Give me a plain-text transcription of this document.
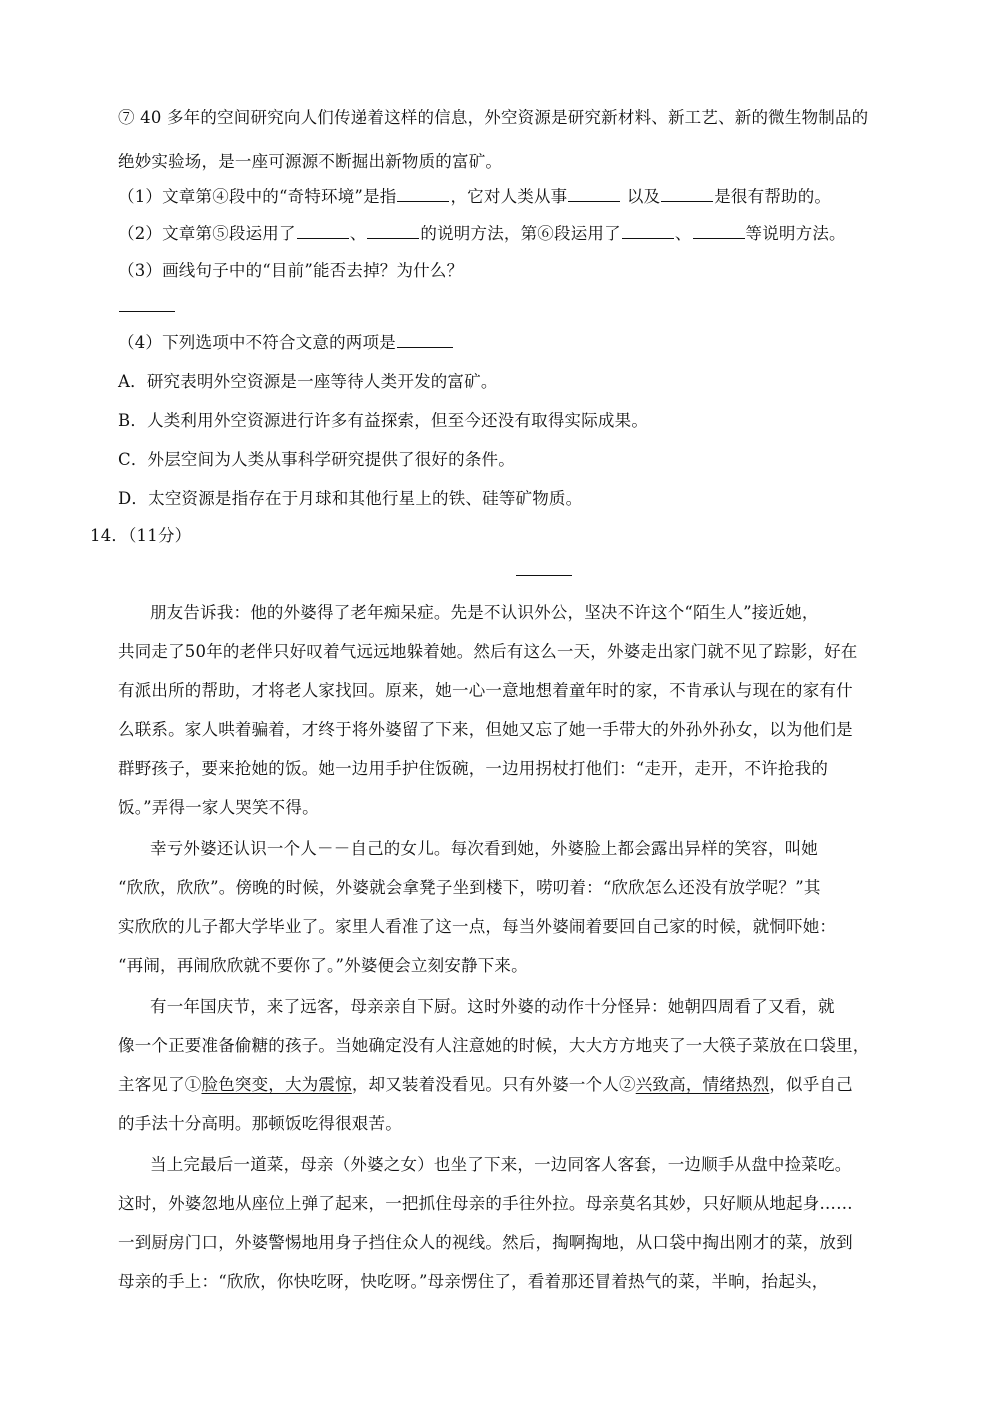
⑦ 40 多年的空间研究向人们传递着这样的信息，外空资源是研究新材料、新工艺、新的微生物制品的
绝妙实验场，是一座可源源不断掘出新物质的富矿。
（1）文章第④段中的“奇特环境”是指	，它对人类从事	以及	是很有帮助的。
（2）文章第⑤段运用了	、	的说明方法，第⑥段运用了	、	等说明方法。
（3）画线句子中的“目前”能否去掉？为什么？
（4）下列选项中不符合文意的两项是
A．研究表明外空资源是一座等待人类开发的富矿。
B．人类利用外空资源进行许多有益探索，但至今还没有取得实际成果。
C．外层空间为人类从事科学研究提供了很好的条件。
D．太空资源是指存在于月球和其他行星上的铁、硅等矿物质。
14．（11分）
朋友告诉我：他的外婆得了老年痴呆症。先是不认识外公，坚决不许这个“陌生人”接近她，
共同走了50年的老伴只好叹着气远远地躲着她。然后有这么一天，外婆走出家门就不见了踪影，好在
有派出所的帮助，才将老人家找回。原来，她一心一意地想着童年时的家，不肯承认与现在的家有什
么联系。家人哄着骗着，才终于将外婆留了下来，但她又忘了她一手带大的外孙外孙女，以为他们是
群野孩子，要来抢她的饭。她一边用手护住饭碗，一边用拐杖打他们：“走开，走开，不许抢我的
饭。”弄得一家人哭笑不得。
幸亏外婆还认识一个人－－自己的女儿。每次看到她，外婆脸上都会露出异样的笑容，叫她
“欣欣，欣欣”。傍晚的时候，外婆就会拿凳子坐到楼下，唠叨着：“欣欣怎么还没有放学呢？”其
实欣欣的儿子都大学毕业了。家里人看准了这一点，每当外婆闹着要回自己家的时候，就恫吓她：
“再闹，再闹欣欣就不要你了。”外婆便会立刻安静下来。
有一年国庆节，来了远客，母亲亲自下厨。这时外婆的动作十分怪异：她朝四周看了又看，就
像一个正要准备偷糖的孩子。当她确定没有人注意她的时候，大大方方地夹了一大筷子菜放在口袋里，
主客见了①脸色突变，大为震惊，却又装着没看见。只有外婆一个人②兴致高，情绪热烈，似乎自己
的手法十分高明。那顿饭吃得很艰苦。
当上完最后一道菜，母亲（外婆之女）也坐了下来，一边同客人客套，一边顺手从盘中捡菜吃。
这时，外婆忽地从座位上弹了起来，一把抓住母亲的手往外拉。母亲莫名其妙，只好顺从地起身……
一到厨房门口，外婆警惕地用身子挡住众人的视线。然后，掏啊掏地，从口袋中掏出刚才的菜，放到
母亲的手上：“欣欣，你快吃呀，快吃呀。”母亲愣住了，看着那还冒着热气的菜，半晌，抬起头，
